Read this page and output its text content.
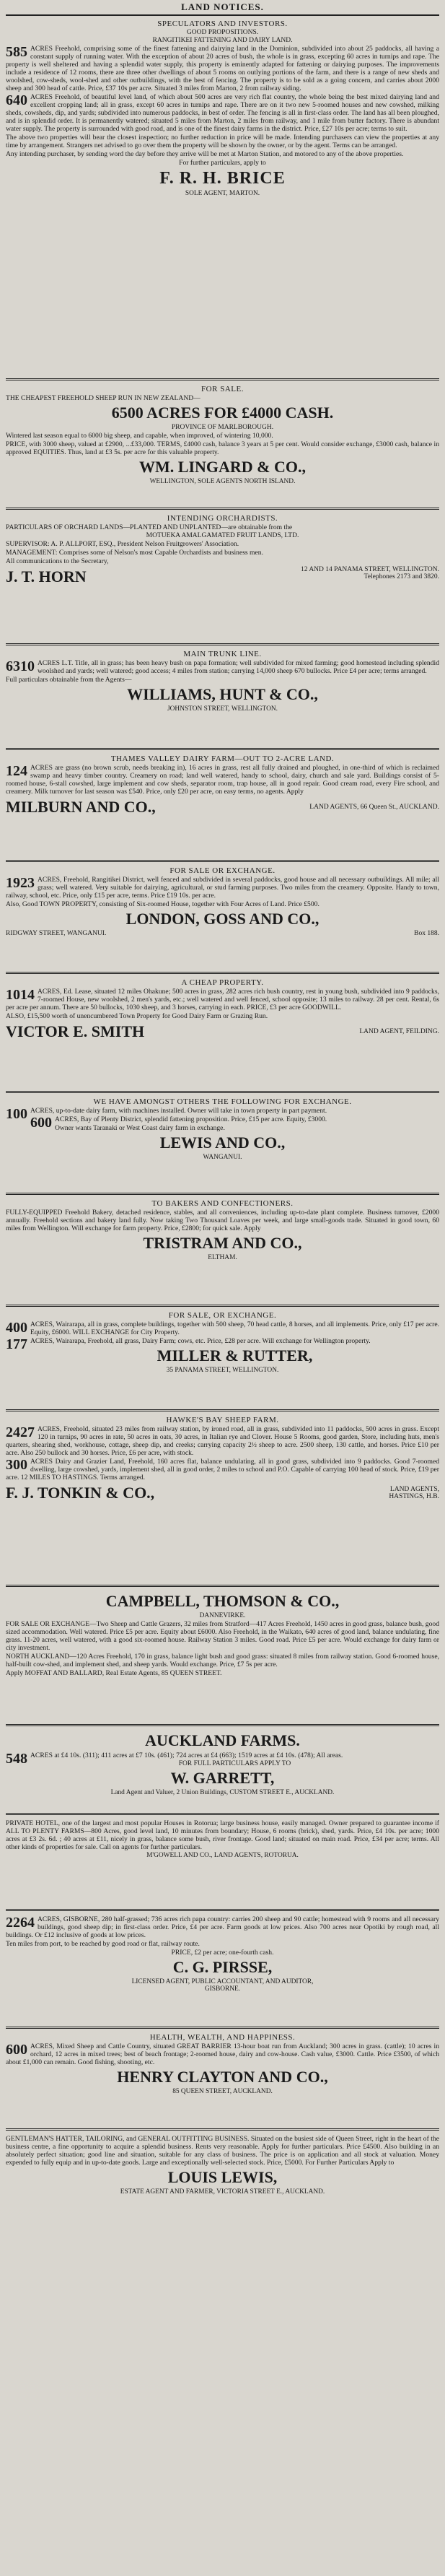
LAND NOTICES.
SPECULATORS AND INVESTORS.
GOOD PROPOSITIONS.
RANGITIKEI FATTENING AND DAIRY LAND.
585 ACRES Freehold, comprising some of the finest fattening and dairying land in the Dominion, subdivided into about 25 paddocks, all having a constant supply of running water. With the exception of about 20 acres of bush, the whole is in grass, excepting 60 acres in turnips and rape. The property is well sheltered and having a splendid water supply, this property is eminently adapted for fattening or dairying purposes. The improvements include a residence of 12 rooms, there are three other dwellings of about 5 rooms on outlying portions of the farm, and there is a range of new sheds and woolshed, cow-sheds, wool-shed and other outbuildings, with the best of fencing. The property is to be sold as a going concern, and carries about 2000 sheep and 300 head of cattle. Price, £37 10s per acre. Situated 3 miles from Marton, 2 from railway siding.
640 ACRES Freehold, of beautiful level land, of which about 500 acres are very rich flat country, the whole being the best mixed dairying land and excellent cropping land; all in grass, except 60 acres in turnips and rape. There are on it two new 5-roomed houses and new cowshed, milking sheds, cowsheds, dip, and yards; subdivided into numerous paddocks, in best of order. The fencing is all in first-class order. The land has all been ploughed, and is in splendid order. It is permanently watered; situated 5 miles from Marton, 2 miles from railway, and 1 mile from butter factory. There is abundant water supply. The property is surrounded with good road, and is one of the finest dairy farms in the district. Price, £27 10s per acre; terms to suit.
The above two properties will bear the closest inspection; no further reduction in price will be made. Intending purchasers can view the properties at any time by arrangement. Strangers net advised to go over them the property will be shown by the owner, or by the agent. Terms can be arranged.
Any intending purchaser, by sending word the day before they arrive will be met at Marton Station, and motored to any of the above properties.
For further particulars, apply to
F. R. H. BRICE
SOLE AGENT, MARTON.
FOR SALE.
THE CHEAPEST FREEHOLD SHEEP RUN IN NEW ZEALAND—
6500 ACRES FOR £4000 CASH.
PROVINCE OF MARLBOROUGH.
Wintered last season equal to 6000 big sheep, and capable, when improved, of wintering 10,000.
PRICE, with 3000 sheep, valued at £2900, ...£33,000. TERMS, £4000 cash, balance 3 years at 5 per cent. Would consider exchange, £3000 cash, balance in approved EQUITIES. Thus, land at £3 5s. per acre for this valuable property.
WM. LINGARD & CO.,
WELLINGTON, SOLE AGENTS NORTH ISLAND.
INTENDING ORCHARDISTS.
PARTICULARS OF ORCHARD LANDS—PLANTED AND UNPLANTED—are obtainable from the
MOTUEKA AMALGAMATED FRUIT LANDS, LTD.
SUPERVISOR: A. P. ALLPORT, ESQ., President Nelson Fruitgrowers' Association.
MANAGEMENT: Comprises some of Nelson's most Capable Orchardists and business men.
All communications to the Secretary,
J. T. HORN	12 AND 14 PANAMA STREET, WELLINGTON.
Telephones 2173 and 3820.
MAIN TRUNK LINE.
6310 ACRES L.T. Title, all in grass; has been heavy bush on papa formation; well subdivided for mixed farming; good homestead including splendid woolshed and yards; well watered; good access; 4 miles from station; carrying 14,000 sheep 670 bullocks. Price £4 per acre; terms arranged.
Full particulars obtainable from the Agents—
WILLIAMS, HUNT & CO.,
JOHNSTON STREET, WELLINGTON.
THAMES VALLEY DAIRY FARM—OUT TO 2-ACRE LAND.
124 ACRES are grass (no brown scrub, needs breaking in), 16 acres in grass, rest all fully drained and ploughed, in one-third of which is reclaimed swamp and heavy timber country. Creamery on road; land well watered, handy to school, dairy, church and sale yard. Buildings consist of 5-roomed house, 6-stall cowshed, large implement and cow sheds, separator room, trap house, all in good repair. Good cream road, every Fire school, and creamery. Milk turnover for last season was £540. Price, only £20 per acre, on easy terms, no agents. Apply
MILBURN AND CO.,	LAND AGENTS, 66 Queen St., AUCKLAND.
FOR SALE OR EXCHANGE.
1923 ACRES, Freehold, Rangitikei District, well fenced and subdivided in several paddocks, good house and all necessary outbuildings. All mile; all grass; well watered. Very suitable for dairying, agricultural, or stud farming purposes. Two miles from the creamery. Opposite. Handy to town, railway, school, etc. Price, only £15 per acre, terms. Price £19 10s. per acre.
Also, Good TOWN PROPERTY, consisting of Six-roomed House, together with Four Acres of Land. Price £500.
LONDON, GOSS AND CO.,
RIDGWAY STREET, WANGANUI.	Box 188.
A CHEAP PROPERTY.
1014 ACRES, Ed. Lease, situated 12 miles Ohakune; 500 acres in grass, 282 acres rich bush country, rest in young bush, subdivided into 9 paddocks, 7-roomed House, new woolshed, 2 men's yards, etc.; well watered and well fenced, school opposite; 13 miles to railway. 28 per cent. Rental, 6s per acre per annum. There are 50 bullocks, 1030 sheep, and 3 horses, carrying in each. PRICE, £3 per acre GOODWILL.
ALSO, £15,500 worth of unencumbered Town Property for Good Dairy Farm or Grazing Run.
VICTOR E. SMITH	LAND AGENT, FEILDING.
WE HAVE AMONGST OTHERS THE FOLLOWING FOR EXCHANGE.
100 ACRES, up-to-date dairy farm, with machines installed. Owner will take in town property in part payment.
600 ACRES, Bay of Plenty District, splendid fattening proposition. Price, £15 per acre. Equity, £3000.
Owner wants Taranaki or West Coast dairy farm in exchange.
LEWIS AND CO.,
WANGANUI.
TO BAKERS AND CONFECTIONERS.
FULLY-EQUIPPED Freehold Bakery, detached residence, stables, and all conveniences, including up-to-date plant complete. Business turnover, £2000 annually. Freehold sections and bakery land fully. Now taking Two Thousand Loaves per week, and large small-goods trade. Situated in good town, 60 miles from Wellington. Will exchange for farm property. Price, £2800; for quick sale. Apply
TRISTRAM AND CO.,
ELTHAM.
FOR SALE, OR EXCHANGE.
400 ACRES, Wairarapa, all in grass, complete buildings, together with 500 sheep, 70 head cattle, 8 horses, and all implements. Price, only £17 per acre. Equity, £6000. WILL EXCHANGE for City Property.
177 ACRES, Wairarapa, Freehold, all grass, Dairy Farm; cows, etc. Price, £28 per acre. Will exchange for Wellington property.
MILLER & RUTTER,
35 PANAMA STREET, WELLINGTON.
HAWKE'S BAY SHEEP FARM.
2427 ACRES, Freehold, situated 23 miles from railway station, by ironed road, all in grass, subdivided into 11 paddocks, 500 acres in grass. Except 120 in turnips, 90 acres in rate, 50 acres in oats, 30 acres, in Italian rye and Clover. House 5 Rooms, good garden, Store, including huts, men's quarters, shearing shed, workhouse, cottage, sheep dip, and creeks; carrying capacity 2½ sheep to acre. 2500 sheep, 130 cattle, and horses. Price £10 per acre. Also 250 bullock and 30 horses. Price, £6 per acre, with stock.
300 ACRES Dairy and Grazier Land, Freehold, 160 acres flat, balance undulating, all in good grass, subdivided into 9 paddocks. Good 7-roomed dwelling, large cowshed, yards, implement shed, all in good order, 2 miles to school and P.O. Capable of carrying 100 head of stock. Price, £19 per acre. 12 MILES TO HASTINGS. Terms arranged.
F. J. TONKIN & CO.,	LAND AGENTS,
HASTINGS, H.B.
CAMPBELL, THOMSON & CO.,
DANNEVIRKE.
FOR SALE OR EXCHANGE—Two Sheep and Cattle Grazers, 32 miles from Stratford—417 Acres Freehold, 1450 acres in good grass, balance bush, good sized accommodation. Well watered. Price £5 per acre. Equity about £6000. Also Freehold, in the Waikato, 640 acres of good land, balance undulating, fine grass. 11-20 acres, well watered, with a good six-roomed house. Railway Station 3 miles. Good road. Price £5 per acre. Would exchange for dairy farm or city investment.
NORTH AUCKLAND—120 Acres Freehold, 170 in grass, balance light bush and good grass: situated 8 miles from railway station. Good 6-roomed house, half-built cow-shed, and implement shed, and sheep yards. Would exchange. Price, £7 5s per acre.
Apply MOFFAT AND BALLARD, Real Estate Agents, 85 QUEEN STREET.
AUCKLAND FARMS.
548 ACRES at £4 10s. (311); 411 acres at £7 10s. (461); 724 acres at £4 (663); 1519 acres at £4 10s. (478); All areas.
FOR FULL PARTICULARS APPLY TO
W. GARRETT,
Land Agent and Valuer, 2 Union Buildings, CUSTOM STREET E., AUCKLAND.
PRIVATE HOTEL, one of the largest and most popular Houses in Rotorua; large business house, easily managed. Owner prepared to guarantee income if ALL TO PLENTY FARMS—800 Acres, good level land, 10 minutes from boundary; House, 6 rooms (brick), shed, yards. Price, £4 10s. per acre; 1000 acres at £3 2s. 6d. ; 40 acres at £11, nicely in grass, balance some bush, river frontage. Good land; situated on main road. Price, £34 per acre; terms. All other kinds of properties for sale. Call on agents for further particulars.
M'GOWELL AND CO., LAND AGENTS, ROTORUA.
2264 ACRES, GISBORNE, 280 half-grassed; 736 acres rich papa country: carries 200 sheep and 90 cattle; homestead with 9 rooms and all necessary buildings, good sheep dip; in first-class order. Price, £4 per acre. Farm goods at low prices. Also 700 acres near Opotiki by rough road, all buildings. Or £12 inclusive of goods at low prices.
Ten miles from port, to be reached by good road or flat, railway route.
PRICE, £2 per acre; one-fourth cash.
C. G. PIRSSE,
LICENSED AGENT, PUBLIC ACCOUNTANT, AND AUDITOR,
GISBORNE.
HEALTH, WEALTH, AND HAPPINESS.
600 ACRES, Mixed Sheep and Cattle Country, situated GREAT BARRIER 13-hour boat run from Auckland; 300 acres in grass. (cattle); 10 acres in orchard, 12 acres in mixed trees; best of beach frontage; 2-roomed house, dairy and cow-house. Cash value, £3000. Cattle. Price £3500, of which about £1,000 can remain. Good fishing, shooting, etc.
HENRY CLAYTON AND CO.,
85 QUEEN STREET, AUCKLAND.
GENTLEMAN'S HATTER, TAILORING, and GENERAL OUTFITTING BUSINESS. Situated on the busiest side of Queen Street, right in the heart of the business centre, a fine opportunity to acquire a splendid business. Rents very reasonable. Apply for further particulars. Price £4500. Also building in an absolutely perfect situation; good line and situation, suitable for any class of business. The price is on application and all stock at valuation. Money expended to fully equip and in up-to-date goods. Large and exceptionally well-selected stock. Price, £5000. For Further Particulars Apply to
LOUIS LEWIS,
ESTATE AGENT AND FARMER, VICTORIA STREET E., AUCKLAND.
